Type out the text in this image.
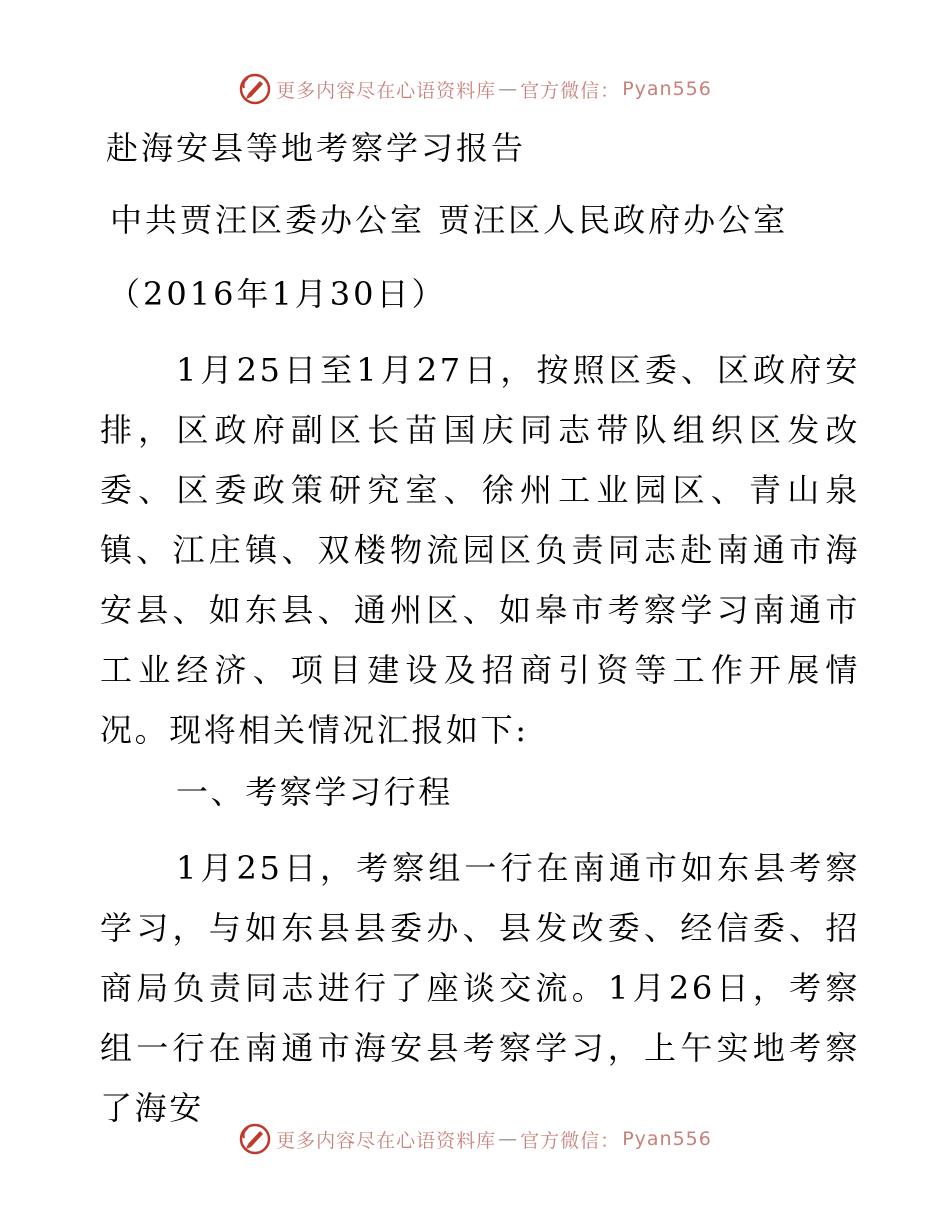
更多内容尽在心语资料库 — 官方微信： Pyan556
赴海安县等地考察学习报告
中共贾汪区委办公室 贾汪区人民政府办公室
（2016年1月30日）

1月25日至1月27日，按照区委、区政府安排，区政府副区长苗国庆同志带队组织区发改委、区委政策研究室、徐州工业园区、青山泉镇、江庄镇、双楼物流园区负责同志赴南通市海安县、如东县、通州区、如皋市考察学习南通市工业经济、项目建设及招商引资等工作开展情况。现将相关情况汇报如下:

一、考察学习行程

1月25日，考察组一行在南通市如东县考察学习，与如东县县委办、县发改委、经信委、招商局负责同志进行了座谈交流。1月26日，考察组一行在南通市海安县考察学习，上午实地考察了海安

更多内容尽在心语资料库 — 官方微信： Pyan556
